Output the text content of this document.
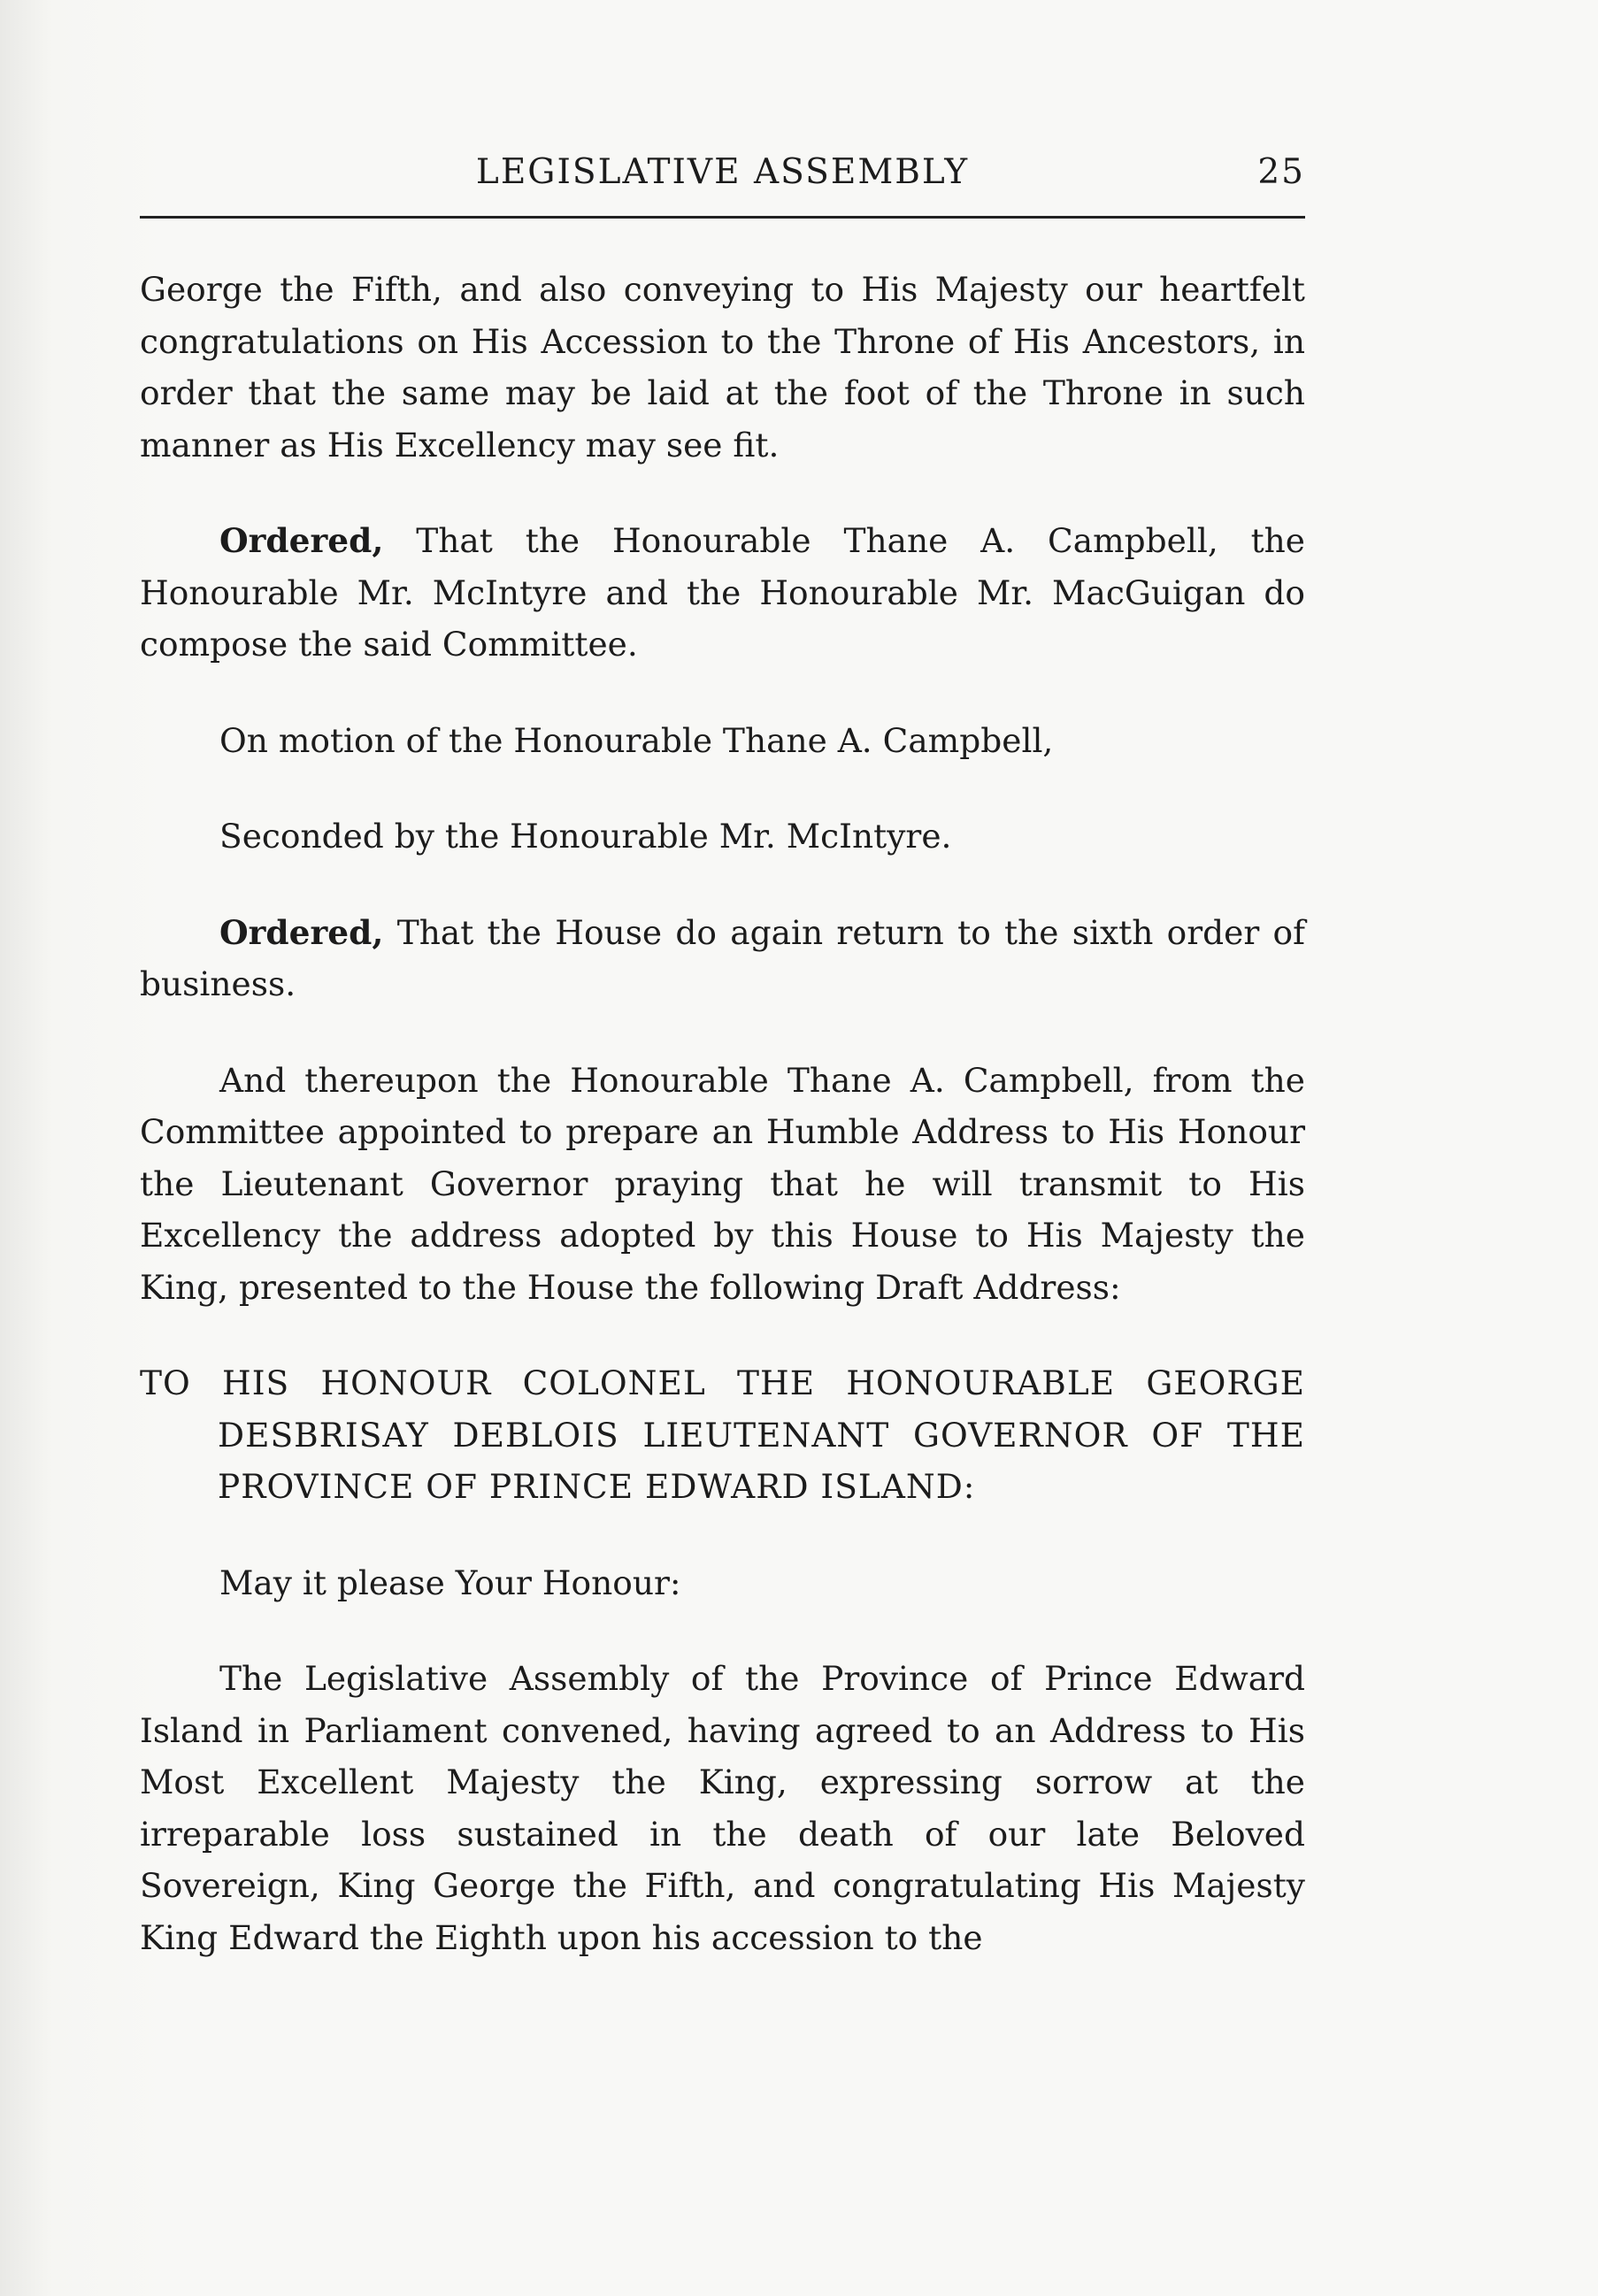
LEGISLATIVE ASSEMBLY	25

George the Fifth, and also conveying to His Majesty our heartfelt congratulations on His Accession to the Throne of His Ancestors, in order that the same may be laid at the foot of the Throne in such manner as His Excellency may see fit.

Ordered, That the Honourable Thane A. Campbell, the Honourable Mr. McIntyre and the Honourable Mr. MacGuigan do compose the said Committee.

On motion of the Honourable Thane A. Campbell,

Seconded by the Honourable Mr. McIntyre.

Ordered, That the House do again return to the sixth order of business.

And thereupon the Honourable Thane A. Campbell, from the Committee appointed to prepare an Humble Address to His Honour the Lieutenant Governor praying that he will transmit to His Excellency the address adopted by this House to His Majesty the King, presented to the House the following Draft Address:

TO HIS HONOUR COLONEL THE HONOURABLE GEORGE DESBRISAY DEBLOIS LIEUTENANT GOVERNOR OF THE PROVINCE OF PRINCE EDWARD ISLAND:

May it please Your Honour:

The Legislative Assembly of the Province of Prince Edward Island in Parliament convened, having agreed to an Address to His Most Excellent Majesty the King, expressing sorrow at the irreparable loss sustained in the death of our late Beloved Sovereign, King George the Fifth, and congratulating His Majesty King Edward the Eighth upon his accession to the
